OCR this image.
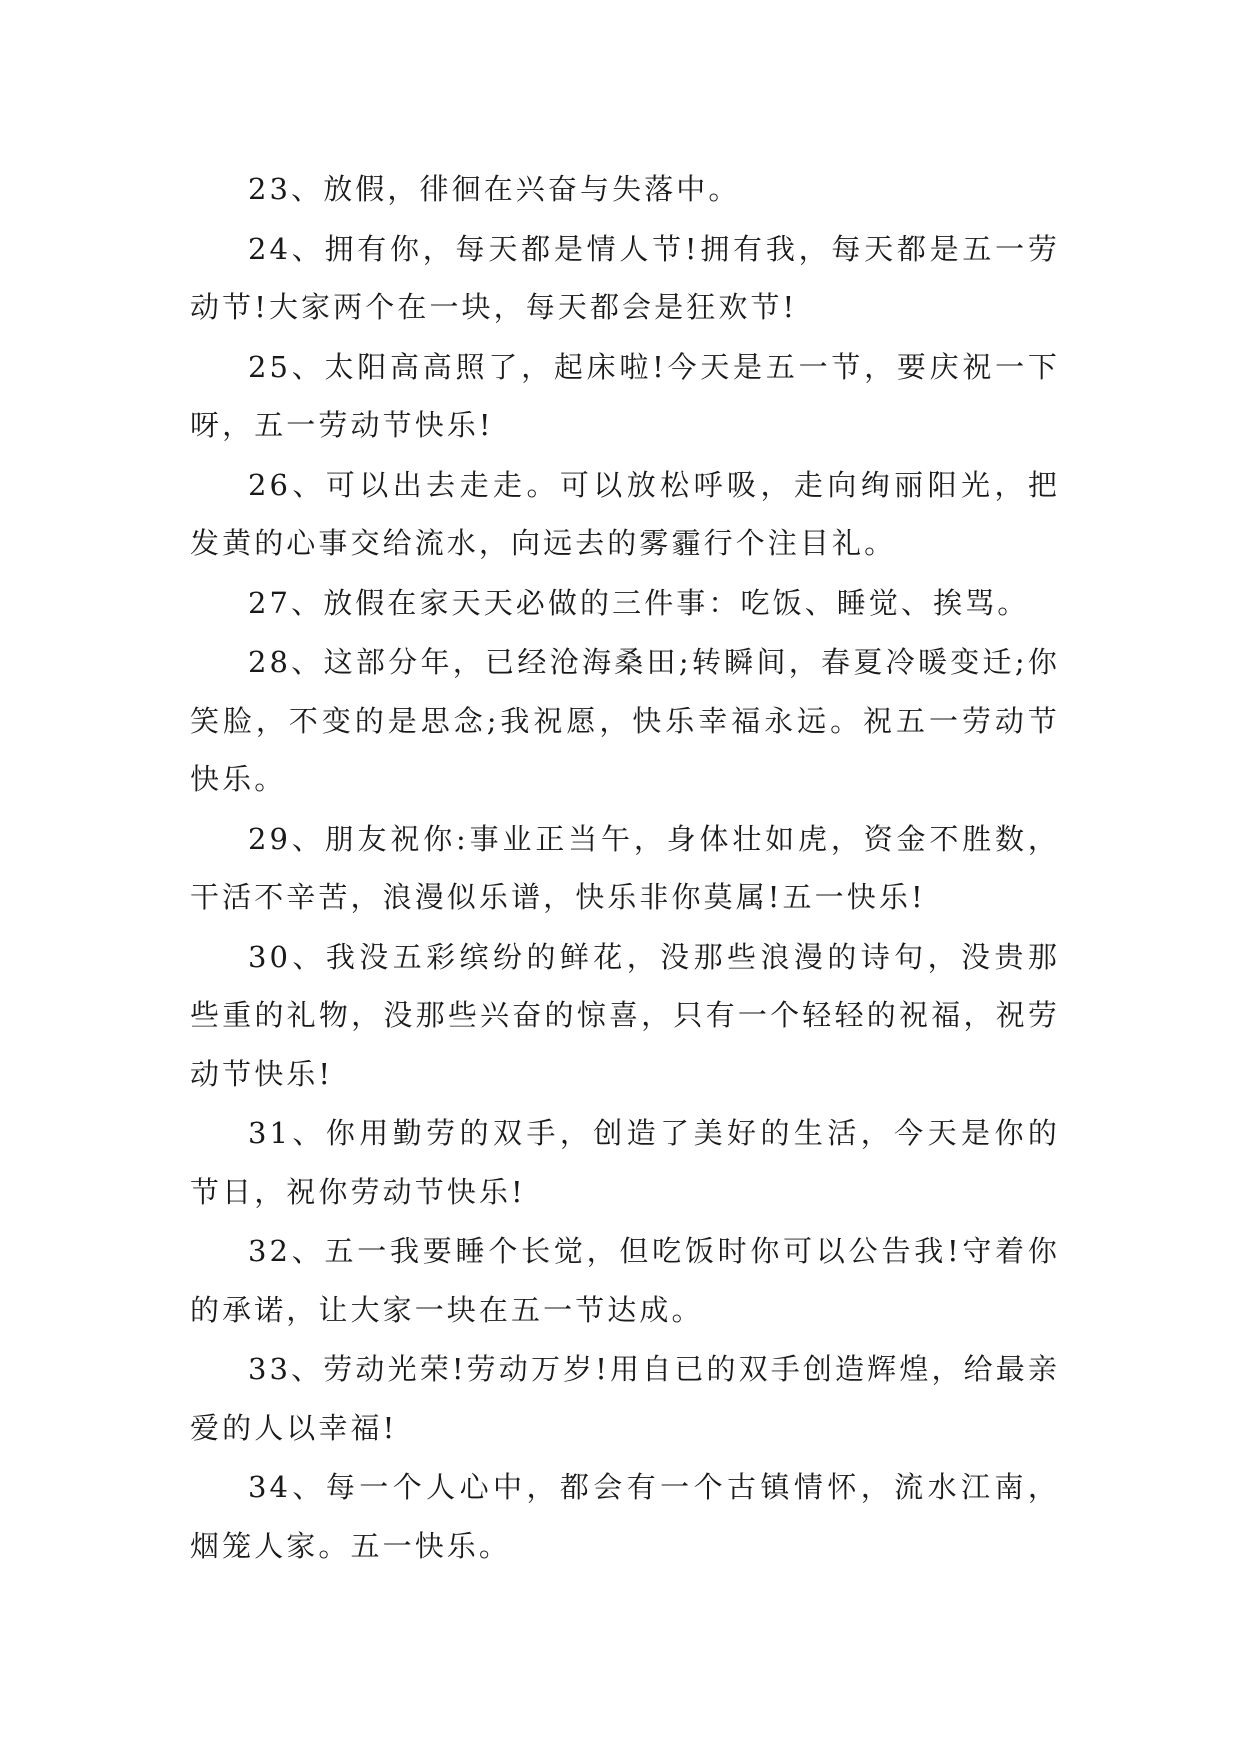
23、放假，徘徊在兴奋与失落中。

24、拥有你，每天都是情人节!拥有我，每天都是五一劳动节!大家两个在一块，每天都会是狂欢节!

25、太阳高高照了，起床啦!今天是五一节，要庆祝一下呀，五一劳动节快乐!

26、可以出去走走。可以放松呼吸，走向绚丽阳光，把发黄的心事交给流水，向远去的雾霾行个注目礼。

27、放假在家天天必做的三件事：吃饭、睡觉、挨骂。

28、这部分年，已经沧海桑田;转瞬间，春夏冷暖变迁;你笑脸，不变的是思念;我祝愿，快乐幸福永远。祝五一劳动节快乐。

29、朋友祝你:事业正当午，身体壮如虎，资金不胜数，干活不辛苦，浪漫似乐谱，快乐非你莫属!五一快乐!

30、我没五彩缤纷的鲜花，没那些浪漫的诗句，没贵那些重的礼物，没那些兴奋的惊喜，只有一个轻轻的祝福，祝劳动节快乐!

31、你用勤劳的双手，创造了美好的生活，今天是你的节日，祝你劳动节快乐!

32、五一我要睡个长觉，但吃饭时你可以公告我!守着你的承诺，让大家一块在五一节达成。

33、劳动光荣!劳动万岁!用自已的双手创造辉煌，给最亲爱的人以幸福!

34、每一个人心中，都会有一个古镇情怀，流水江南，烟笼人家。五一快乐。
